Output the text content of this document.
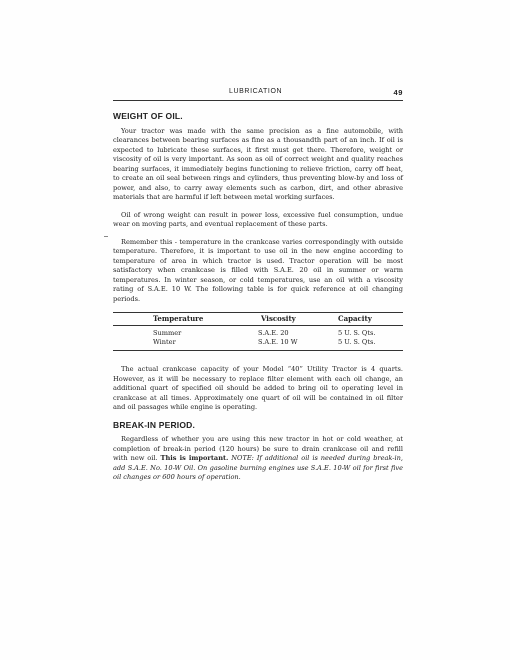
LUBRICATION	49
WEIGHT OF OIL.

Your tractor was made with the same precision as a fine automobile, with clearances between bearing surfaces as fine as a thousandth part of an inch. If oil is expected to lubricate these surfaces, it first must get there. Therefore, weight or viscosity of oil is very important. As soon as oil of correct weight and quality reaches bearing surfaces, it immediately begins functioning to relieve friction, carry off heat, to create an oil seal between rings and cylinders, thus preventing blow-by and loss of power, and also, to carry away elements such as carbon, dirt, and other abrasive materials that are harmful if left between metal working surfaces.

Oil of wrong weight can result in power loss, excessive fuel consumption, undue wear on moving parts, and eventual replacement of these parts.

Remember this - temperature in the crankcase varies correspondingly with outside temperature. Therefore, it is important to use oil in the new engine according to temperature of area in which tractor is used. Tractor operation will be most satisfactory when crankcase is filled with S.A.E. 20 oil in summer or warm temperatures. In winter season, or cold temperatures, use an oil with a viscosity rating of S.A.E. 10 W. The following table is for quick reference at oil changing periods.

Temperature	Viscosity	Capacity
Summer	S.A.E. 20	5 U. S. Qts.
Winter	S.A.E. 10 W	5 U. S. Qts.

The actual crankcase capacity of your Model “40” Utility Tractor is 4 quarts. However, as it will be necessary to replace filter element with each oil change, an additional quart of specified oil should be added to bring oil to operating level in crankcase at all times. Approximately one quart of oil will be contained in oil filter and oil passages while engine is operating.

BREAK-IN PERIOD.

Regardless of whether you are using this new tractor in hot or cold weather, at completion of break-in period (120 hours) be sure to drain crankcase oil and refill with new oil. This is important. NOTE: If additional oil is needed during break-in, add S.A.E. No. 10-W Oil. On gasoline burning engines use S.A.E. 10-W oil for first five oil changes or 600 hours of operation.
